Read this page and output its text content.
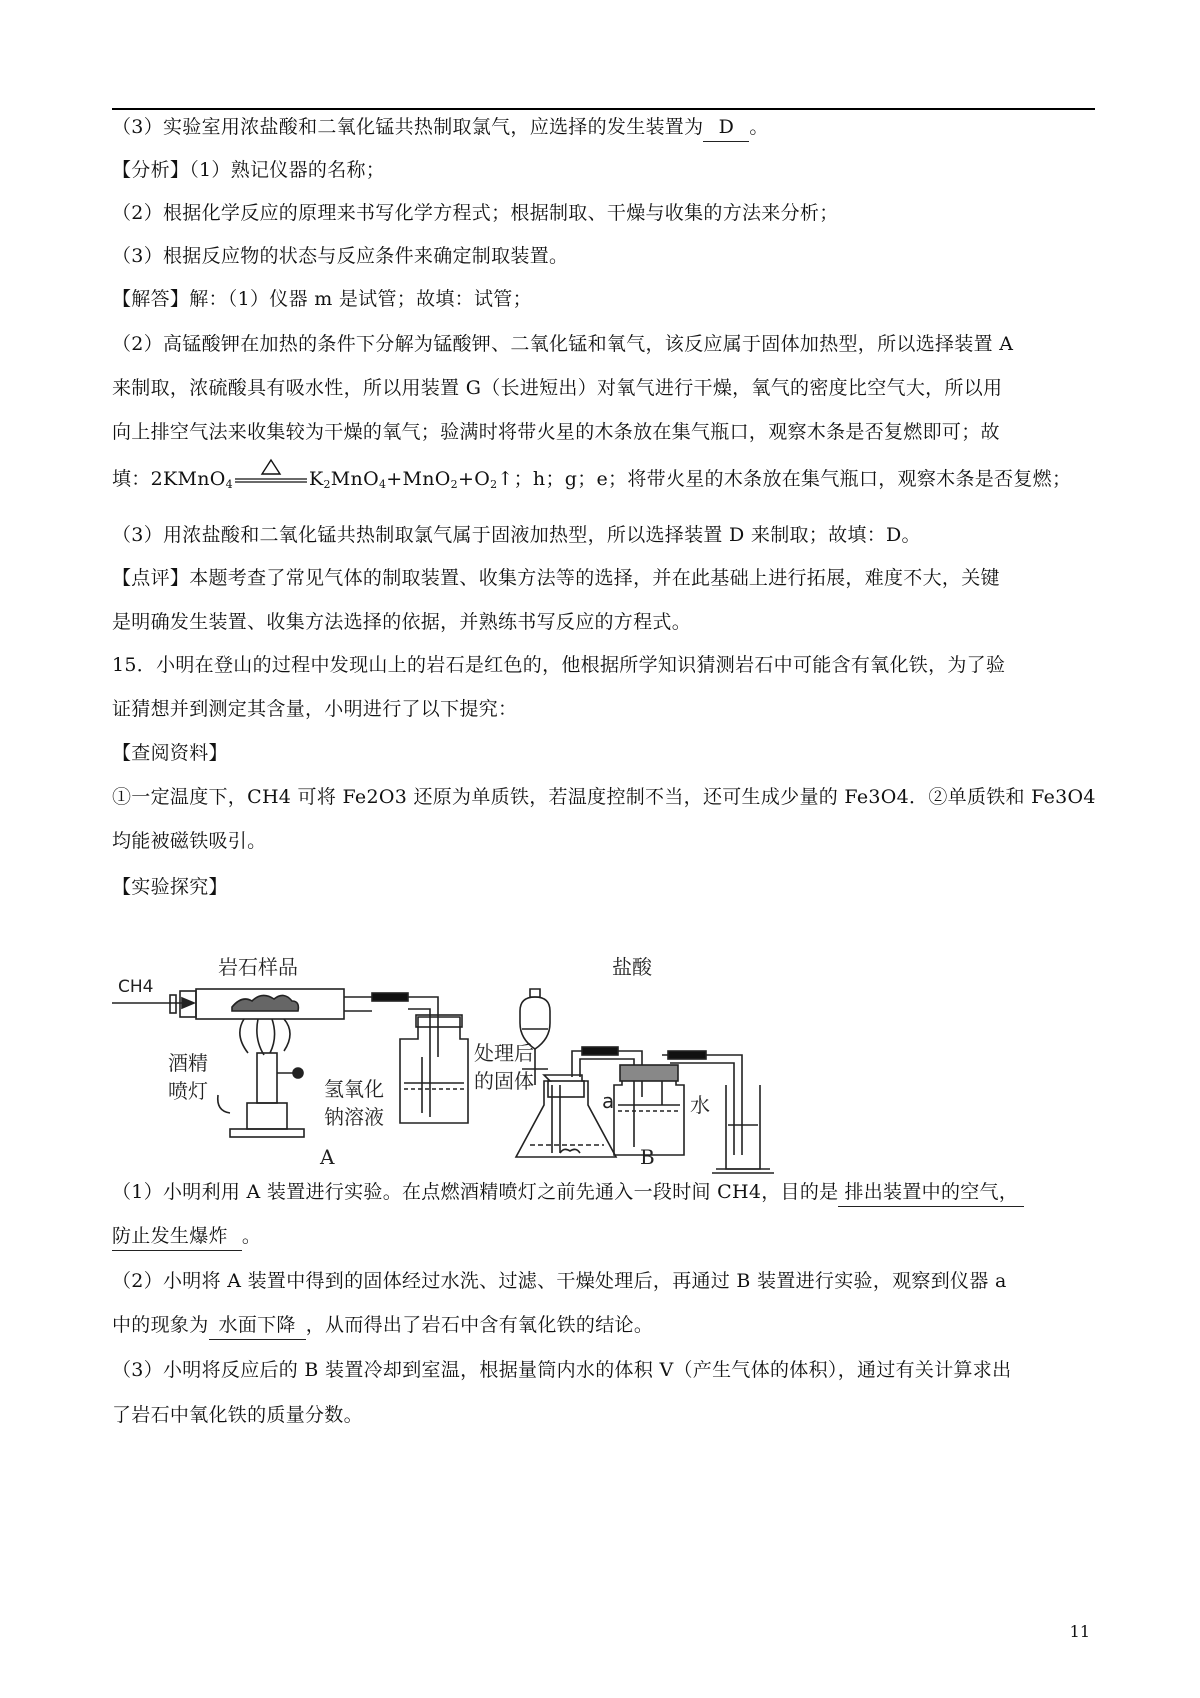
（3）实验室用浓盐酸和二氧化锰共热制取氯气，应选择的发生装置为 D 。
【分析】（1）熟记仪器的名称；
（2）根据化学反应的原理来书写化学方程式；根据制取、干燥与收集的方法来分析；
（3）根据反应物的状态与反应条件来确定制取装置。
【解答】解：（1）仪器 m 是试管；故填：试管；
（2）高锰酸钾在加热的条件下分解为锰酸钾、二氧化锰和氧气，该反应属于固体加热型，所以选择装置 A
来制取，浓硫酸具有吸水性，所以用装置 G（长进短出）对氧气进行干燥，氧气的密度比空气大，所以用
向上排空气法来收集较为干燥的氧气；验满时将带火星的木条放在集气瓶口，观察木条是否复燃即可；故
填：2KMnO$_4$	$K_2MnO_4+MnO_2+O_2↑$；h；g；e；将带火星的木条放在集气瓶口，观察木条是否复燃；
（3）用浓盐酸和二氧化锰共热制取氯气属于固液加热型，所以选择装置 D 来制取；故填：D。
【点评】本题考查了常见气体的制取装置、收集方法等的选择，并在此基础上进行拓展，难度不大，关键
是明确发生装置、收集方法选择的依据，并熟练书写反应的方程式。
15．小明在登山的过程中发现山上的岩石是红色的，他根据所学知识猜测岩石中可能含有氧化铁，为了验
证猜想并到测定其含量，小明进行了以下提究：
【查阅资料】
①一定温度下，CH4 可将 Fe2O3 还原为单质铁，若温度控制不当，还可生成少量的 Fe3O4．②单质铁和 Fe3O4
均能被磁铁吸引。
【实验探究】
CH4
岩石样品
酒精
喷灯	氢氧化
钠溶液
盐酸
处理后
的固体
a	水
A	B
（1）小明利用 A 装置进行实验。在点燃酒精喷灯之前先通入一段时间 CH4，目的是 排出装置中的空气，
防止发生爆炸 。
（2）小明将 A 装置中得到的固体经过水洗、过滤、干燥处理后，再通过 B 装置进行实验，观察到仪器 a
中的现象为 水面下降 ，从而得出了岩石中含有氧化铁的结论。
（3）小明将反应后的 B 装置冷却到室温，根据量筒内水的体积 V（产生气体的体积），通过有关计算求出
了岩石中氧化铁的质量分数。
11
